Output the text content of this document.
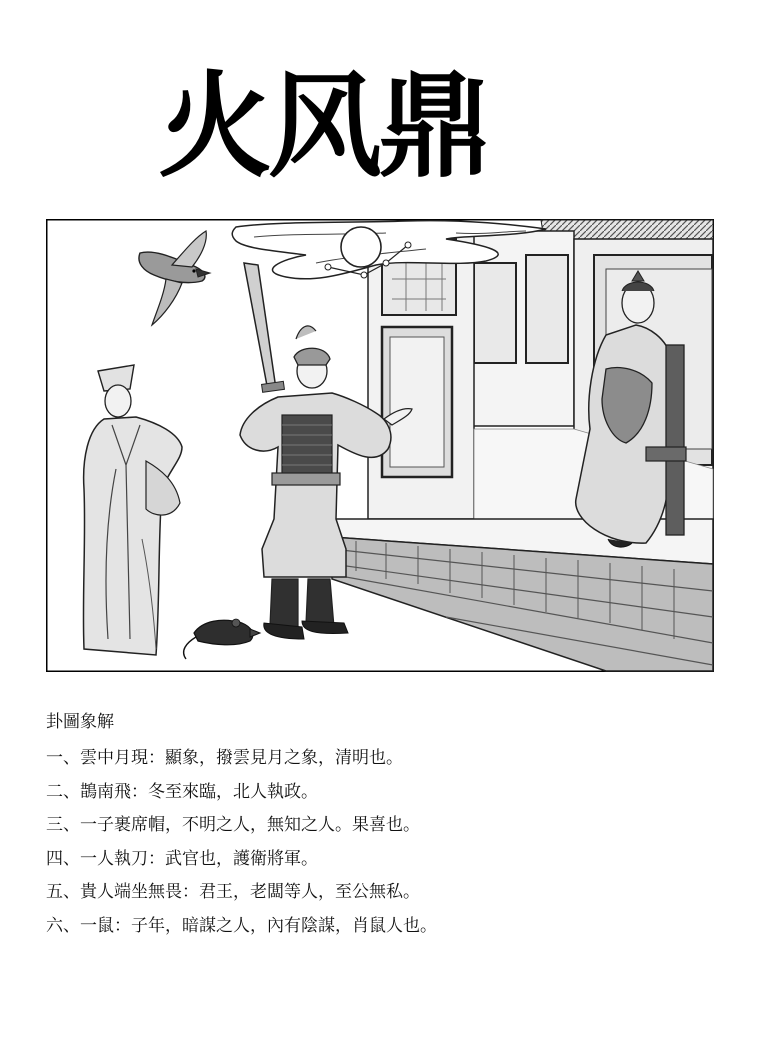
火风鼎

卦圖象解

一、雲中月現：顯象，撥雲見月之象，清明也。
二、鵲南飛：冬至來臨，北人執政。
三、一子裹席帽，不明之人，無知之人。果喜也。
四、一人執刀：武官也，護衛將軍。
五、貴人端坐無畏：君王，老闆等人，至公無私。
六、一鼠：子年，暗謀之人，內有陰謀，肖鼠人也。
